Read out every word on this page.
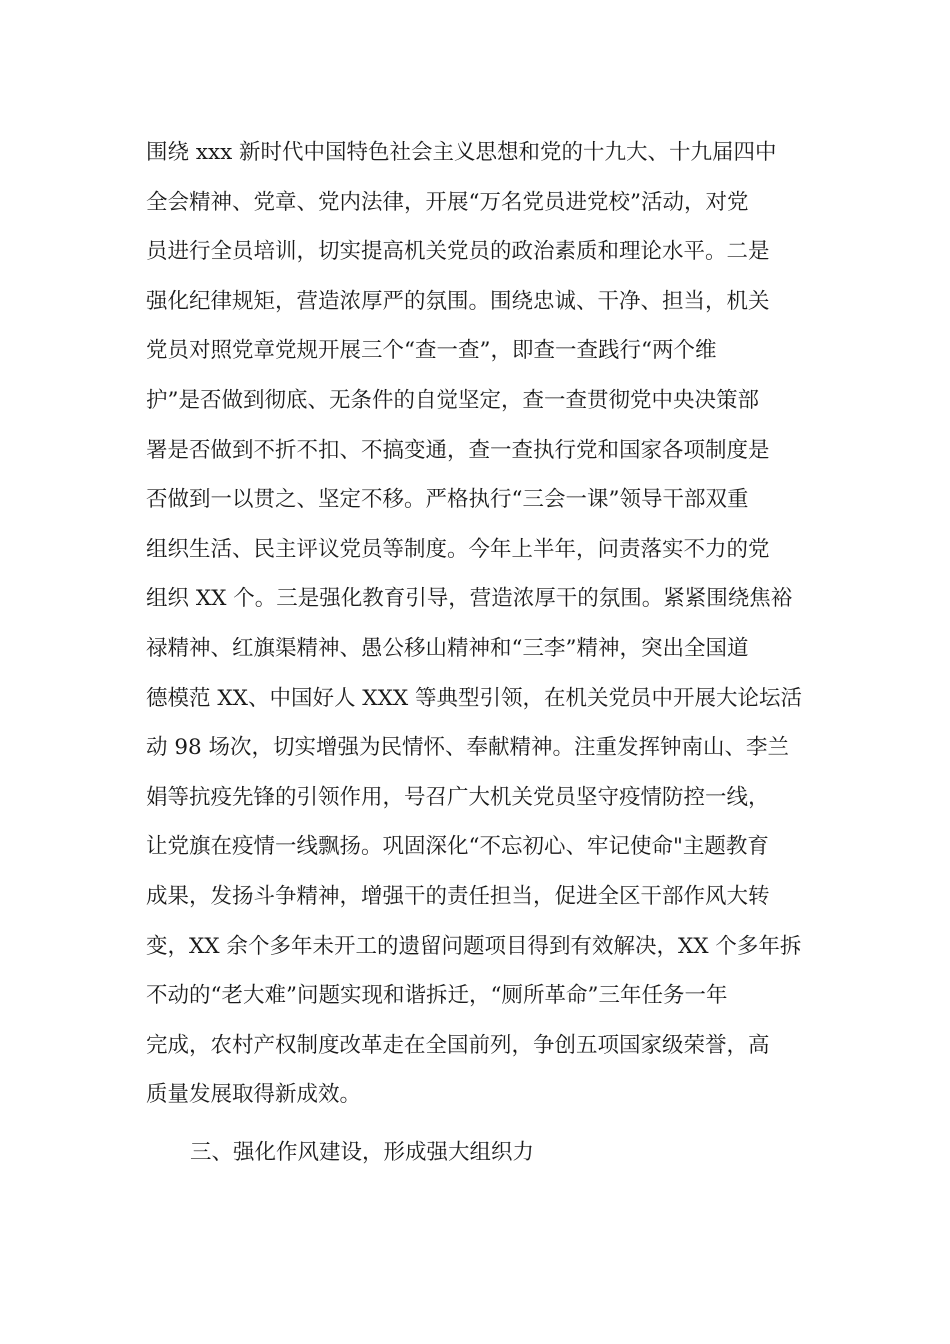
围绕 xxx 新时代中国特色社会主义思想和党的十九大、十九届四中
全会精神、党章、党内法律，开展“万名党员进党校”活动，对党
员进行全员培训，切实提高机关党员的政治素质和理论水平。二是
强化纪律规矩，营造浓厚严的氛围。围绕忠诚、干净、担当，机关
党员对照党章党规开展三个“查一查”，即查一查践行“两个维
护”是否做到彻底、无条件的自觉坚定，查一查贯彻党中央决策部
署是否做到不折不扣、不搞变通，查一查执行党和国家各项制度是
否做到一以贯之、坚定不移。严格执行“三会一课”领导干部双重
组织生活、民主评议党员等制度。今年上半年，问责落实不力的党
组织 XX 个。三是强化教育引导，营造浓厚干的氛围。紧紧围绕焦裕
禄精神、红旗渠精神、愚公移山精神和“三李”精神，突出全国道
德模范 XX、中国好人 XXX 等典型引领，在机关党员中开展大论坛活
动 98 场次，切实增强为民情怀、奉献精神。注重发挥钟南山、李兰
娟等抗疫先锋的引领作用，号召广大机关党员坚守疫情防控一线，
让党旗在疫情一线飘扬。巩固深化“不忘初心、牢记使命"主题教育
成果，发扬斗争精神，增强干的责任担当，促进全区干部作风大转
变，XX 余个多年未开工的遗留问题项目得到有效解决，XX 个多年拆
不动的“老大难”问题实现和谐拆迁，“厕所革命”三年任务一年
完成，农村产权制度改革走在全国前列，争创五项国家级荣誉，高
质量发展取得新成效。
三、强化作风建设，形成强大组织力
